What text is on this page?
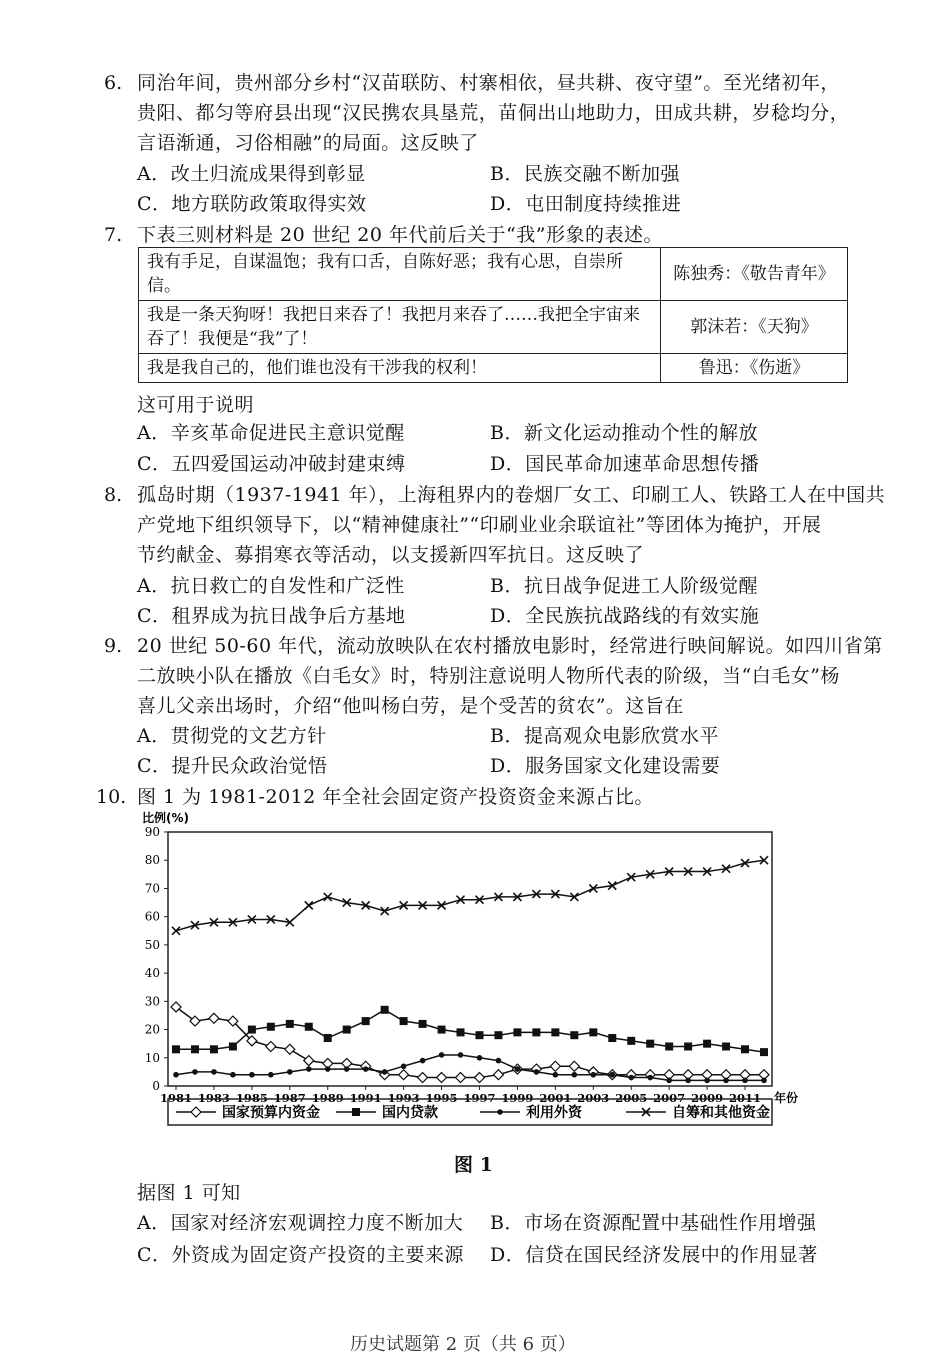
6. 同治年间，贵州部分乡村“汉苗联防、村寨相依，昼共耕、夜守望”。至光绪初年，
贵阳、都匀等府县出现“汉民携农具垦荒，苗侗出山地助力，田成共耕，岁稔均分，
言语渐通，习俗相融”的局面。这反映了
A．改土归流成果得到彰显	B．民族交融不断加强
C．地方联防政策取得实效	D．屯田制度持续推进
7. 下表三则材料是 20 世纪 20 年代前后关于“我”形象的表述。
我有手足，自谋温饱；我有口舌，自陈好恶；我有心思，自崇所信。	陈独秀：《敬告青年》
我是一条天狗呀！我把日来吞了！我把月来吞了……我把全宇宙来吞了！我便是“我”了！	郭沫若：《天狗》
我是我自己的，他们谁也没有干涉我的权利！	鲁迅：《伤逝》
这可用于说明
A．辛亥革命促进民主意识觉醒	B．新文化运动推动个性的解放
C．五四爱国运动冲破封建束缚	D．国民革命加速革命思想传播
8. 孤岛时期（1937-1941 年），上海租界内的卷烟厂女工、印刷工人、铁路工人在中国共
产党地下组织领导下，以“精神健康社”“印刷业业余联谊社”等团体为掩护，开展
节约献金、募捐寒衣等活动，以支援新四军抗日。这反映了
A．抗日救亡的自发性和广泛性	B．抗日战争促进工人阶级觉醒
C．租界成为抗日战争后方基地	D．全民族抗战路线的有效实施
9. 20 世纪 50-60 年代，流动放映队在农村播放电影时，经常进行映间解说。如四川省第
二放映小队在播放《白毛女》时，特别注意说明人物所代表的阶级，当“白毛女”杨
喜儿父亲出场时，介绍“他叫杨白劳，是个受苦的贫农”。这旨在
A．贯彻党的文艺方针	B．提高观众电影欣赏水平
C．提升民众政治觉悟	D．服务国家文化建设需要
10. 图 1 为 1981-2012 年全社会固定资产投资资金来源占比。
比例(%)
0
10
20
30
40
50
60
70
80
90
1981 1983 1985 1987 1989 1991 1993 1995 1997 1999 2001 2003 2005 2007 2009 2011 年份
国家预算内资金	国内贷款	利用外资	自筹和其他资金
图 1
据图 1 可知
A．国家对经济宏观调控力度不断加大 B．市场在资源配置中基础性作用增强
C．外资成为固定资产投资的主要来源 D．信贷在国民经济发展中的作用显著
历史试题第 2 页（共 6 页）
